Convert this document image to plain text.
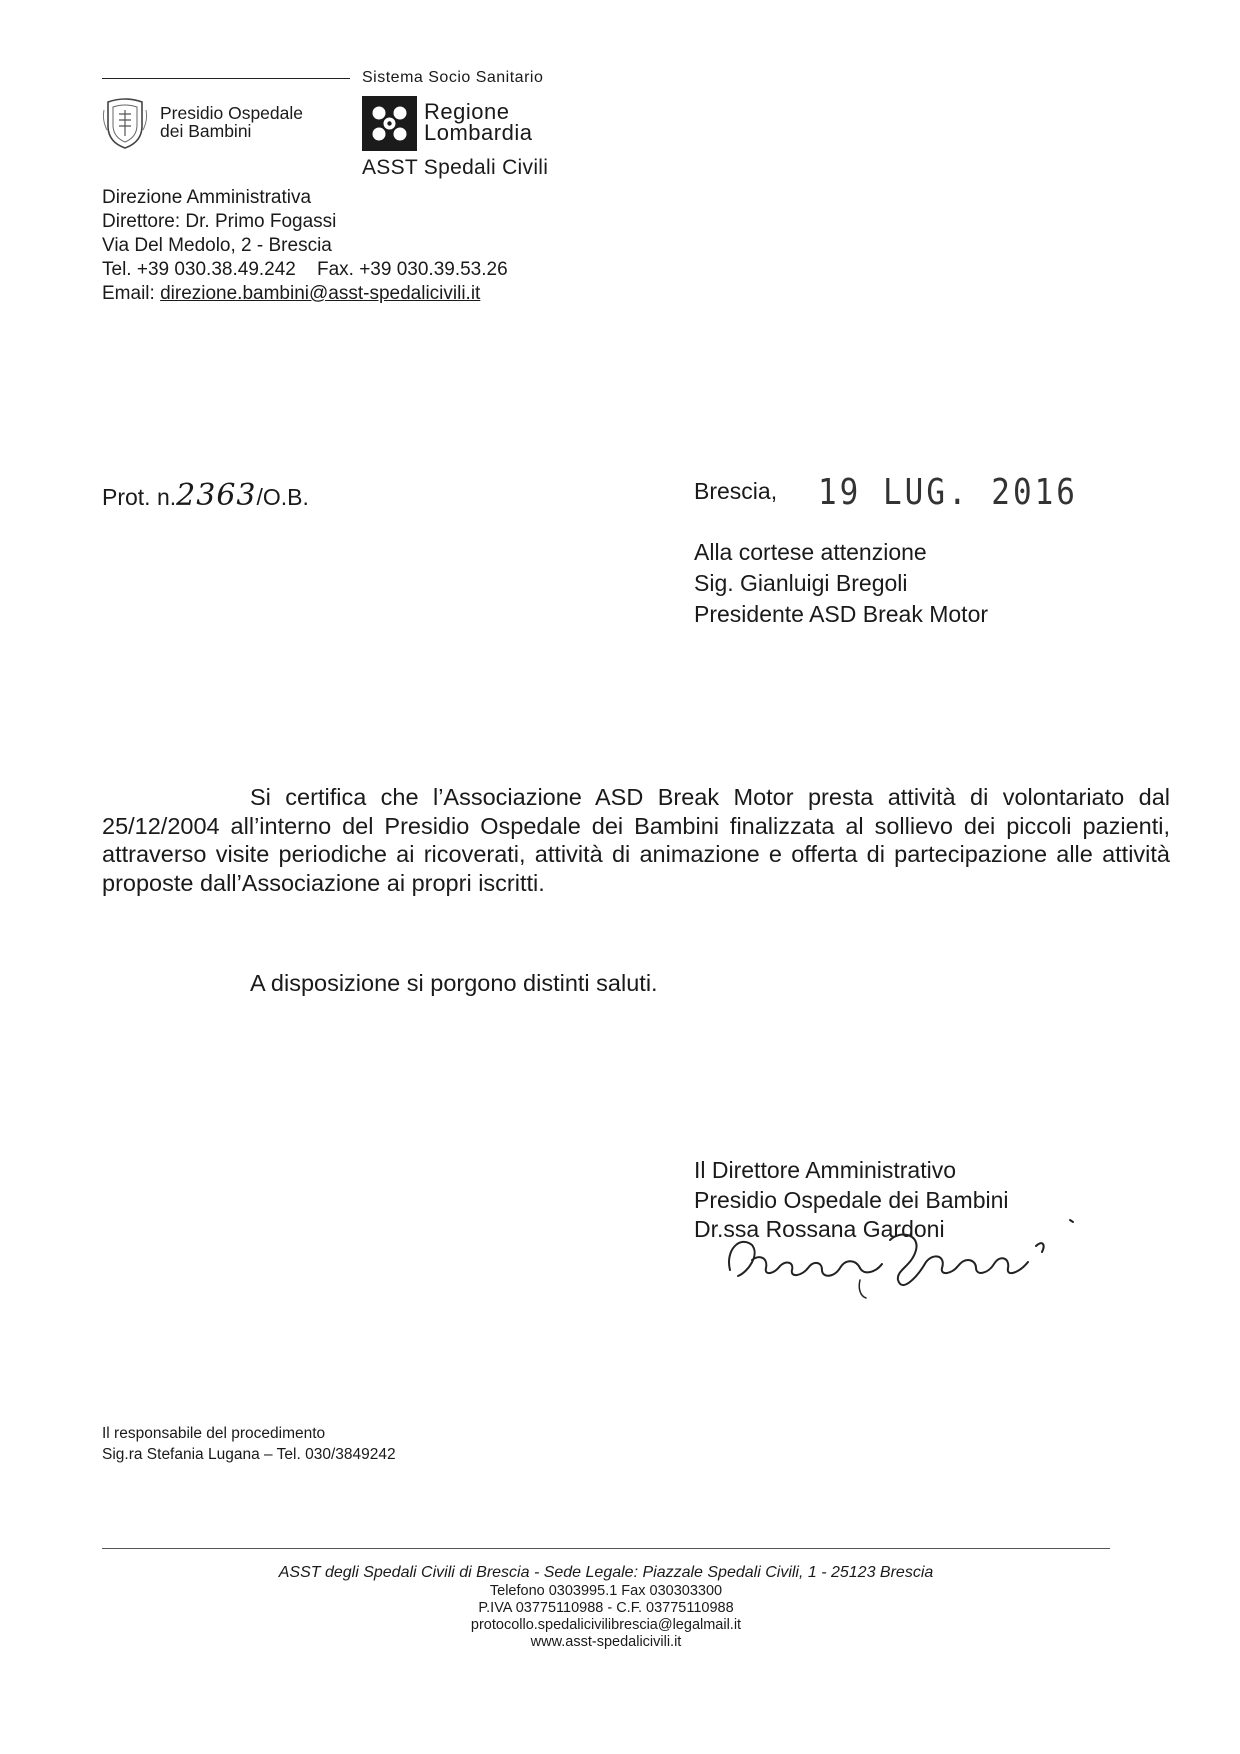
Sistema Socio Sanitario
Presidio Ospedale
dei Bambini
Regione
Lombardia
ASST Spedali Civili
Direzione Amministrativa
Direttore: Dr. Primo Fogassi
Via Del Medolo, 2 - Brescia
Tel. +39 030.38.49.242 Fax. +39 030.39.53.26
Email: direzione.bambini@asst-spedalicivili.it
Prot. n.2363/O.B.	Brescia, 19 LUG. 2016
Alla cortese attenzione
Sig. Gianluigi Bregoli
Presidente ASD Break Motor
Si certifica che l’Associazione ASD Break Motor presta attività di volontariato dal 25/12/2004 all’interno del Presidio Ospedale dei Bambini finalizzata al sollievo dei piccoli pazienti, attraverso visite periodiche ai ricoverati, attività di animazione e offerta di partecipazione alle attività proposte dall’Associazione ai propri iscritti.
A disposizione si porgono distinti saluti.
Il Direttore Amministrativo
Presidio Ospedale dei Bambini
Dr.ssa Rossana Gardoni
Il responsabile del procedimento
Sig.ra Stefania Lugana – Tel. 030/3849242
ASST degli Spedali Civili di Brescia - Sede Legale: Piazzale Spedali Civili, 1 - 25123 Brescia
Telefono 0303995.1 Fax 030303300
P.IVA 03775110988 - C.F. 03775110988
protocollo.spedalicivilibrescia@legalmail.it
www.asst-spedalicivili.it
